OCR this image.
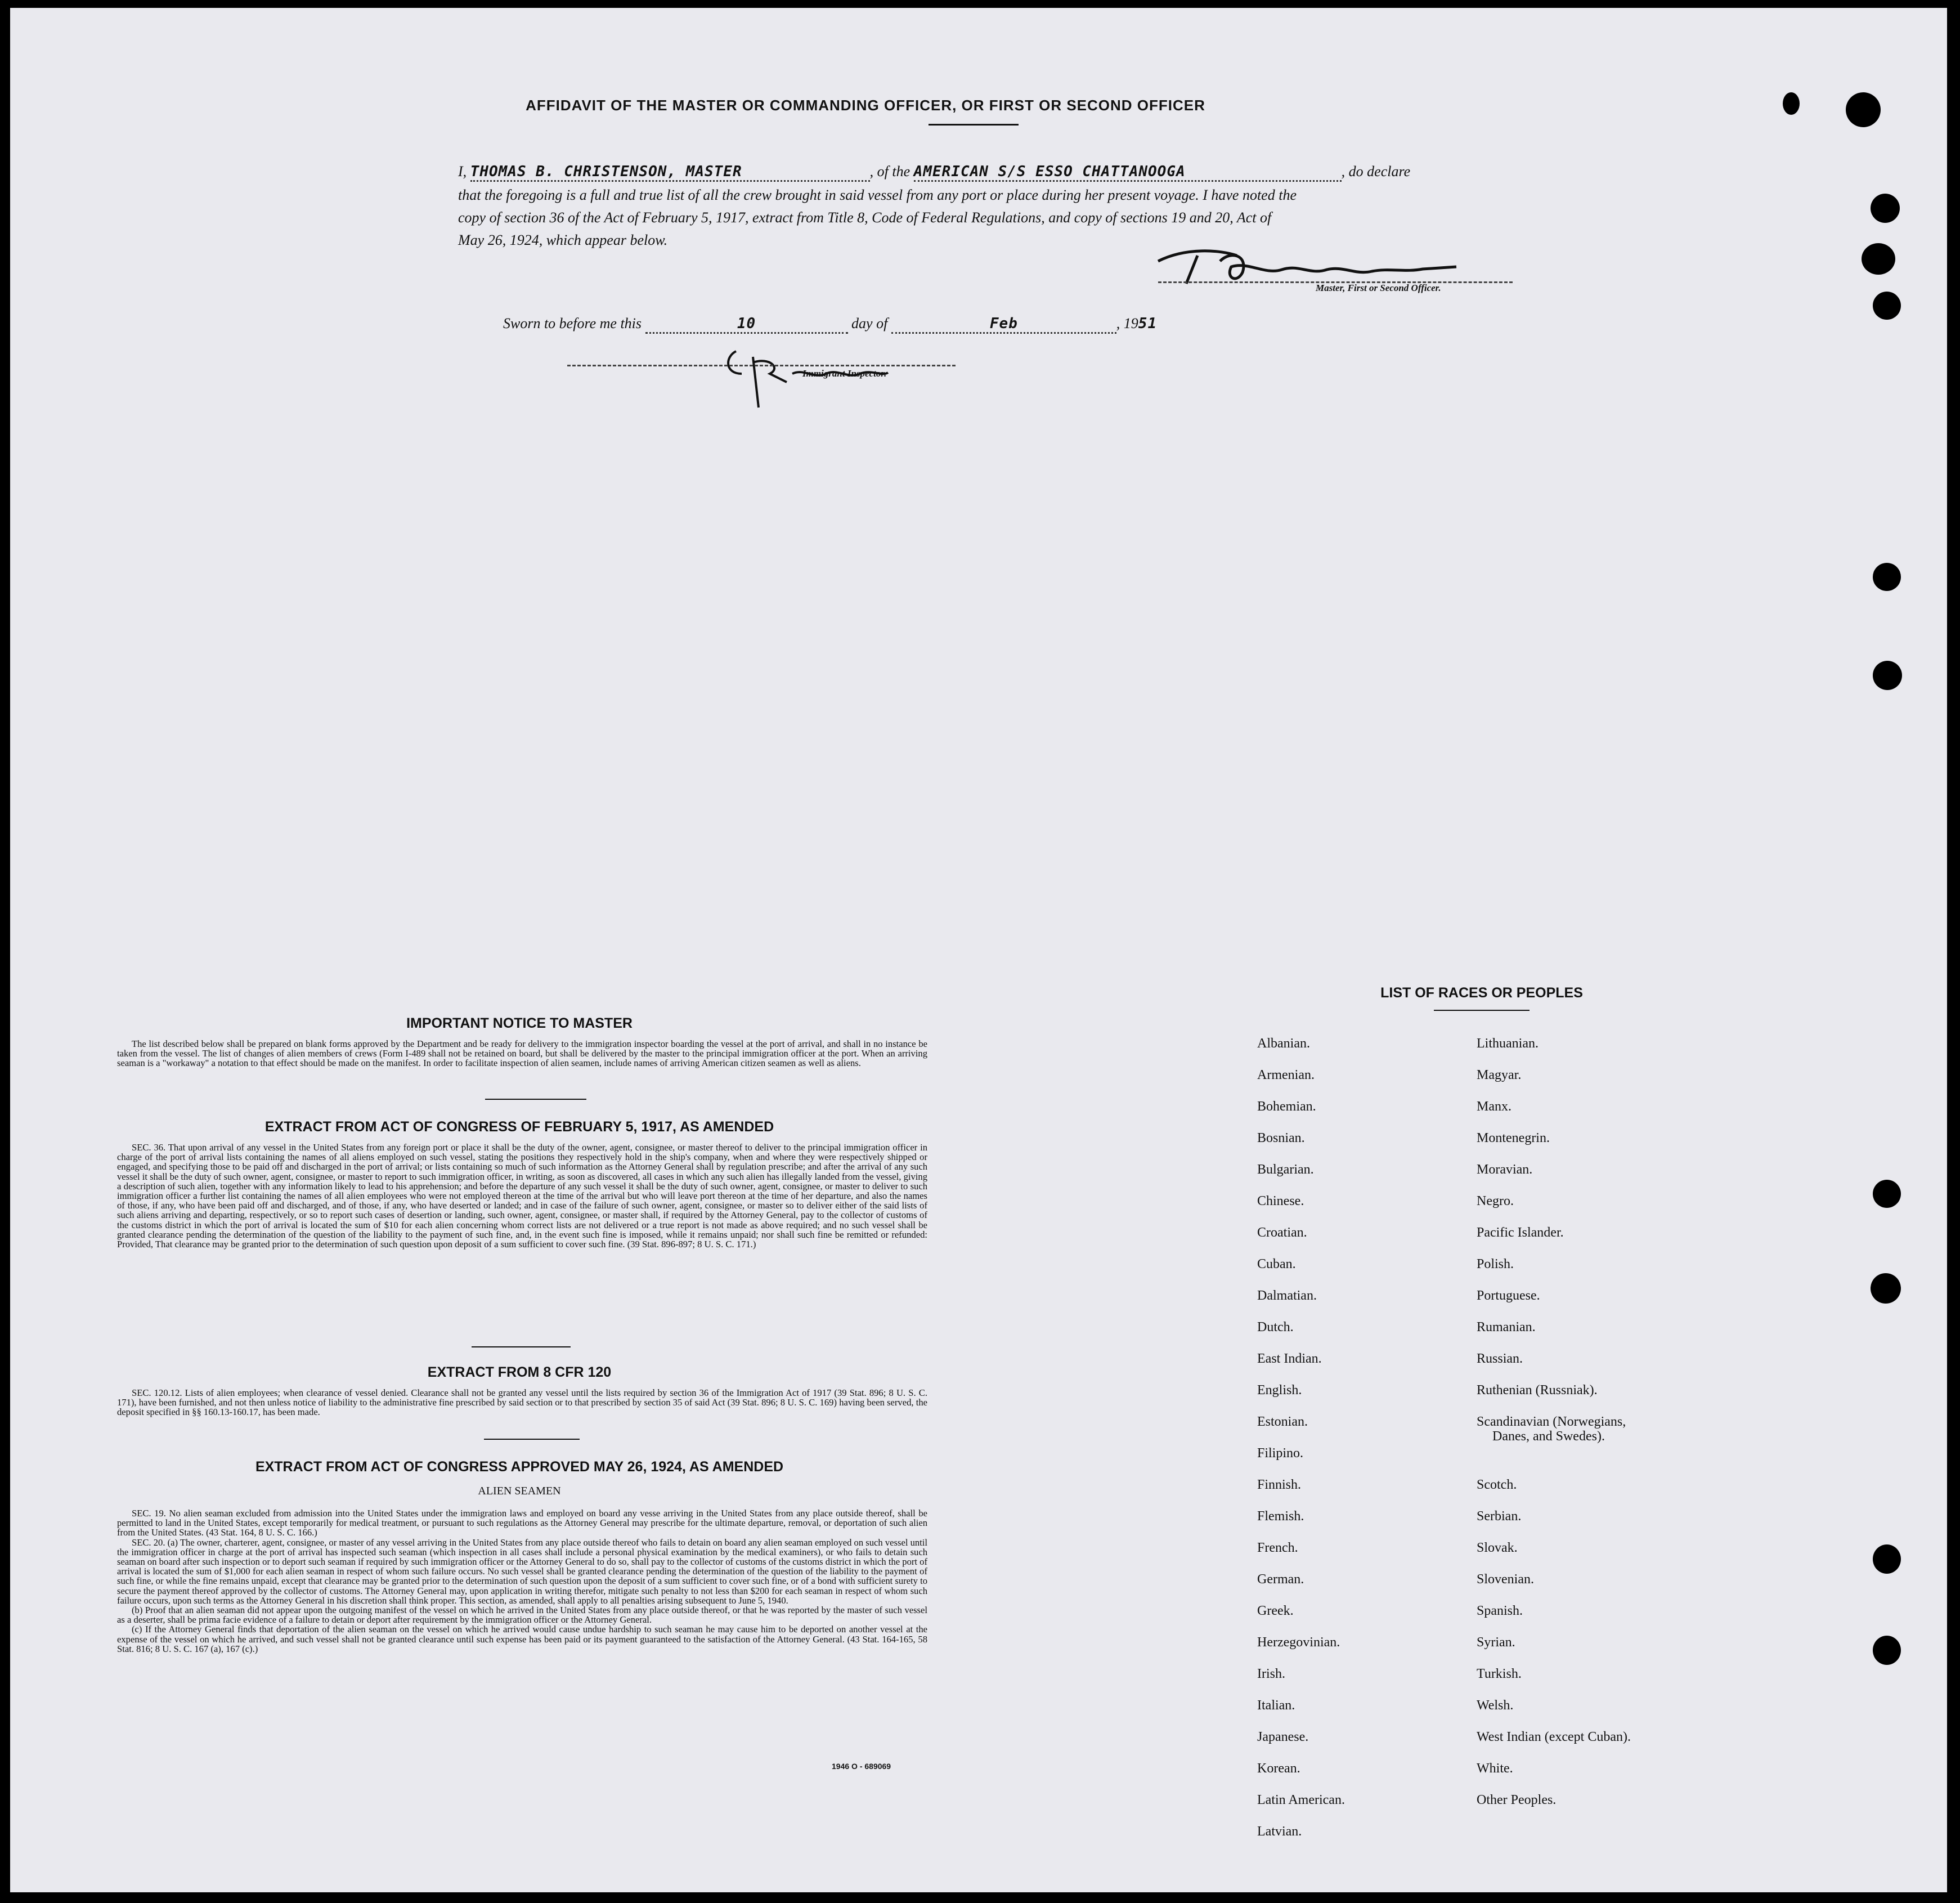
AFFIDAVIT OF THE MASTER OR COMMANDING OFFICER, OR FIRST OR SECOND OFFICER
I, THOMAS B. CHRISTENSON, MASTER	, of the AMERICAN S/S ESSO CHATTANOOGA	, do declare
that the foregoing is a full and true list of all the crew brought in said vessel from any port or place during her present voyage. I have noted the
copy of section 36 of the Act of February 5, 1917, extract from Title 8, Code of Federal Regulations, and copy of sections 19 and 20, Act of
May 26, 1924, which appear below.
Master, First or Second Officer.
Sworn to before me this	10	day of	Feb	, 1951
Immigrant Inspector.
IMPORTANT NOTICE TO MASTER

The list described below shall be prepared on blank forms approved by the Department and be ready for delivery to the immigration inspector boarding the vessel at the port of arrival, and shall in no instance be taken from the vessel. The list of changes of alien members of crews (Form I-489 shall not be retained on board, but shall be delivered by the master to the principal immigration officer at the port. When an arriving seaman is a "workaway" a notation to that effect should be made on the manifest. In order to facilitate inspection of alien seamen, include names of arriving American citizen seamen as well as aliens.

EXTRACT FROM ACT OF CONGRESS OF FEBRUARY 5, 1917, AS AMENDED

SEC. 36. That upon arrival of any vessel in the United States from any foreign port or place it shall be the duty of the owner, agent, consignee, or master thereof to deliver to the principal immigration officer in charge of the port of arrival lists containing the names of all aliens employed on such vessel, stating the positions they respectively hold in the ship's company, when and where they were respectively shipped or engaged, and specifying those to be paid off and discharged in the port of arrival; or lists containing so much of such information as the Attorney General shall by regulation prescribe; and after the arrival of any such vessel it shall be the duty of such owner, agent, consignee, or master to report to such immigration officer, in writing, as soon as discovered, all cases in which any such alien has illegally landed from the vessel, giving a description of such alien, together with any information likely to lead to his apprehension; and before the departure of any such vessel it shall be the duty of such owner, agent, consignee, or master to deliver to such immigration officer a further list containing the names of all alien employees who were not employed thereon at the time of the arrival but who will leave port thereon at the time of her departure, and also the names of those, if any, who have been paid off and discharged, and of those, if any, who have deserted or landed; and in case of the failure of such owner, agent, consignee, or master so to deliver either of the said lists of such aliens arriving and departing, respectively, or so to report such cases of desertion or landing, such owner, agent, consignee, or master shall, if required by the Attorney General, pay to the collector of customs of the customs district in which the port of arrival is located the sum of $10 for each alien concerning whom correct lists are not delivered or a true report is not made as above required; and no such vessel shall be granted clearance pending the determination of the question of the liability to the payment of such fine, and, in the event such fine is imposed, while it remains unpaid; nor shall such fine be remitted or refunded: Provided, That clearance may be granted prior to the determination of such question upon deposit of a sum sufficient to cover such fine. (39 Stat. 896-897; 8 U. S. C. 171.)

EXTRACT FROM 8 CFR 120

SEC. 120.12. Lists of alien employees; when clearance of vessel denied. Clearance shall not be granted any vessel until the lists required by section 36 of the Immigration Act of 1917 (39 Stat. 896; 8 U. S. C. 171), have been furnished, and not then unless notice of liability to the administrative fine prescribed by said section or to that prescribed by section 35 of said Act (39 Stat. 896; 8 U. S. C. 169) having been served, the deposit specified in §§ 160.13-160.17, has been made.

EXTRACT FROM ACT OF CONGRESS APPROVED MAY 26, 1924, AS AMENDED
ALIEN SEAMEN

SEC. 19. No alien seaman excluded from admission into the United States under the immigration laws and employed on board any vesse arriving in the United States from any place outside thereof, shall be permitted to land in the United States, except temporarily for medical treatment, or pursuant to such regulations as the Attorney General may prescribe for the ultimate departure, removal, or deportation of such alien from the United States. (43 Stat. 164, 8 U. S. C. 166.)

SEC. 20. (a) The owner, charterer, agent, consignee, or master of any vessel arriving in the United States from any place outside thereof who fails to detain on board any alien seaman employed on such vessel until the immigration officer in charge at the port of arrival has inspected such seaman (which inspection in all cases shall include a personal physical examination by the medical examiners), or who fails to detain such seaman on board after such inspection or to deport such seaman if required by such immigration officer or the Attorney General to do so, shall pay to the collector of customs of the customs district in which the port of arrival is located the sum of $1,000 for each alien seaman in respect of whom such failure occurs. No such vessel shall be granted clearance pending the determination of the question of the liability to the payment of such fine, or while the fine remains unpaid, except that clearance may be granted prior to the determination of such question upon the deposit of a sum sufficient to cover such fine, or of a bond with sufficient surety to secure the payment thereof approved by the collector of customs. The Attorney General may, upon application in writing therefor, mitigate such penalty to not less than $200 for each seaman in respect of whom such failure occurs, upon such terms as the Attorney General in his discretion shall think proper. This section, as amended, shall apply to all penalties arising subsequent to June 5, 1940.

(b) Proof that an alien seaman did not appear upon the outgoing manifest of the vessel on which he arrived in the United States from any place outside thereof, or that he was reported by the master of such vessel as a deserter, shall be prima facie evidence of a failure to detain or deport after requirement by the immigration officer or the Attorney General.

(c) If the Attorney General finds that deportation of the alien seaman on the vessel on which he arrived would cause undue hardship to such seaman he may cause him to be deported on another vessel at the expense of the vessel on which he arrived, and such vessel shall not be granted clearance until such expense has been paid or its payment guaranteed to the satisfaction of the Attorney General. (43 Stat. 164-165, 58 Stat. 816; 8 U. S. C. 167 (a), 167 (c).)

1946 O - 689069
LIST OF RACES OR PEOPLES
Albanian.
Armenian.
Bohemian.
Bosnian.
Bulgarian.
Chinese.
Croatian.
Cuban.
Dalmatian.
Dutch.
East Indian.
English.
Estonian.
Filipino.
Finnish.
Flemish.
French.
German.
Greek.
Herzegovinian.
Irish.
Italian.
Japanese.
Korean.
Latin American.
Latvian.
Lithuanian.
Magyar.
Manx.
Montenegrin.
Moravian.
Negro.
Pacific Islander.
Polish.
Portuguese.
Rumanian.
Russian.
Ruthenian (Russniak).
Scandinavian (Norwegians,
Danes, and Swedes).
Scotch.
Serbian.
Slovak.
Slovenian.
Spanish.
Syrian.
Turkish.
Welsh.
West Indian (except Cuban).
White.
Other Peoples.
